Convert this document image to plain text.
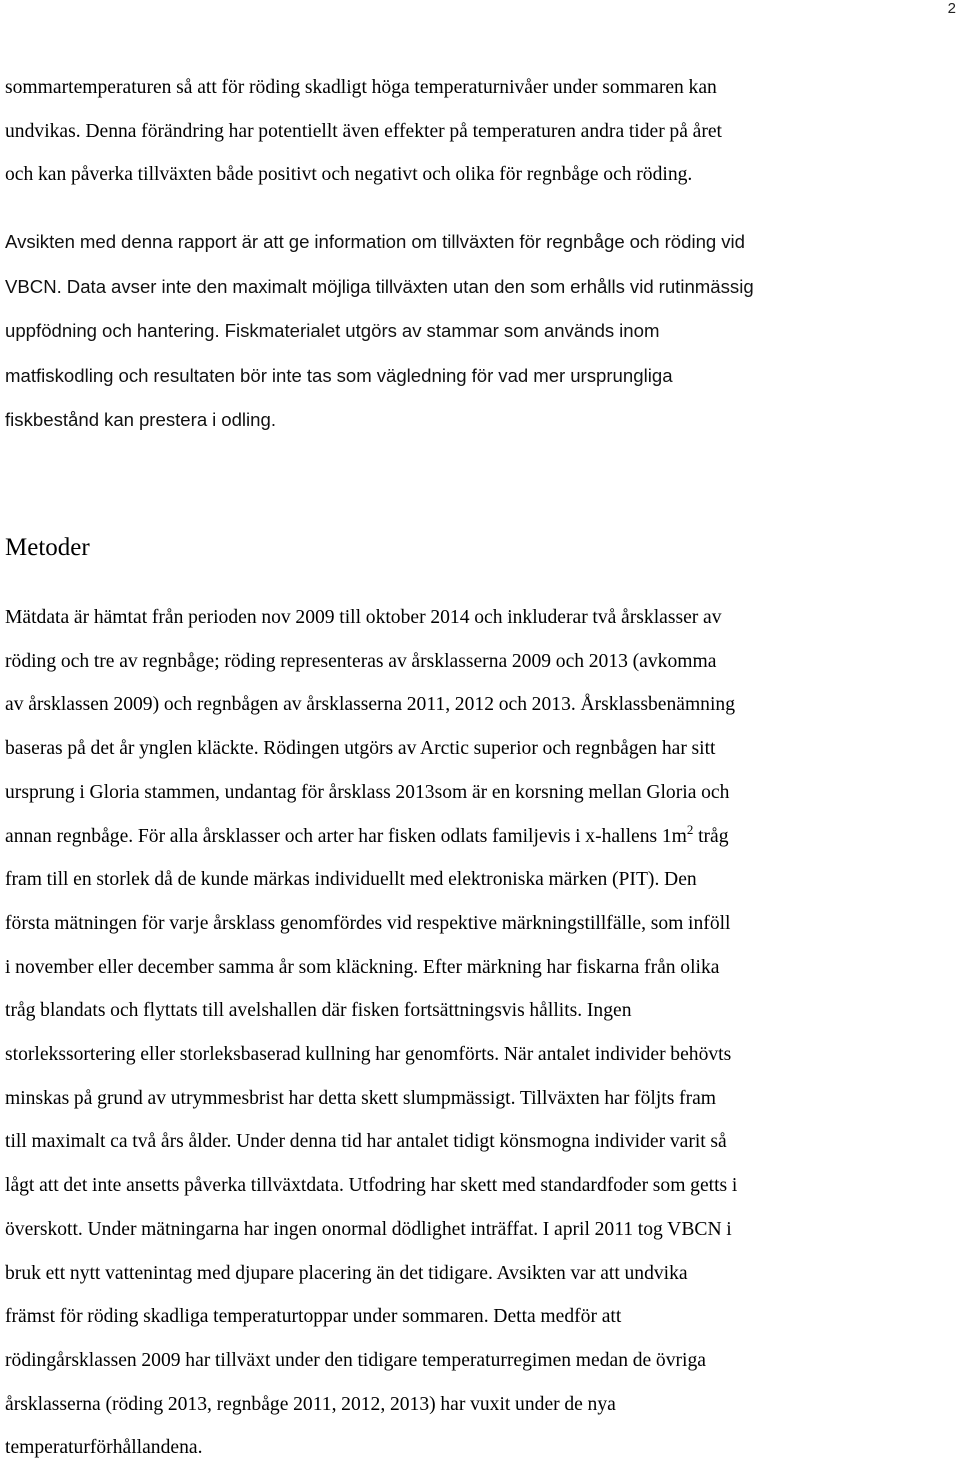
2
sommartemperaturen så att för röding skadligt höga temperaturnivåer under sommaren kan
undvikas. Denna förändring har potentiellt även effekter på temperaturen andra tider på året
och kan påverka tillväxten både positivt och negativt och olika för regnbåge och röding.
Avsikten med denna rapport är att ge information om tillväxten för regnbåge och röding vid
VBCN. Data avser inte den maximalt möjliga tillväxten utan den som erhålls vid rutinmässig
uppfödning och hantering. Fiskmaterialet utgörs av stammar som används inom
matfiskodling och resultaten bör inte tas som vägledning för vad mer ursprungliga
fiskbestånd kan prestera i odling.
Metoder
Mätdata är hämtat från perioden nov 2009 till oktober 2014 och inkluderar två årsklasser av
röding och tre av regnbåge; röding representeras av årsklasserna 2009 och 2013 (avkomma
av årsklassen 2009) och regnbågen av årsklasserna 2011, 2012 och 2013. Årsklassbenämning
baseras på det år ynglen kläckte. Rödingen utgörs av Arctic superior och regnbågen har sitt
ursprung i Gloria stammen, undantag för årsklass 2013som är en korsning mellan Gloria och
annan regnbåge. För alla årsklasser och arter har fisken odlats familjevis i x-hallens $1m^2$ tråg
fram till en storlek då de kunde märkas individuellt med elektroniska märken (PIT). Den
första mätningen för varje årsklass genomfördes vid respektive märkningstillfälle, som inföll
i november eller december samma år som kläckning. Efter märkning har fiskarna från olika
tråg blandats och flyttats till avelshallen där fisken fortsättningsvis hållits. Ingen
storlekssortering eller storleksbaserad kullning har genomförts. När antalet individer behövts
minskas på grund av utrymmesbrist har detta skett slumpmässigt. Tillväxten har följts fram
till maximalt ca två års ålder. Under denna tid har antalet tidigt könsmogna individer varit så
lågt att det inte ansetts påverka tillväxtdata. Utfodring har skett med standardfoder som getts i
överskott. Under mätningarna har ingen onormal dödlighet inträffat. I april 2011 tog VBCN i
bruk ett nytt vattenintag med djupare placering än det tidigare. Avsikten var att undvika
främst för röding skadliga temperaturtoppar under sommaren. Detta medför att
rödingårsklassen 2009 har tillväxt under den tidigare temperaturregimen medan de övriga
årsklasserna (röding 2013, regnbåge 2011, 2012, 2013) har vuxit under de nya
temperaturförhållandena.
